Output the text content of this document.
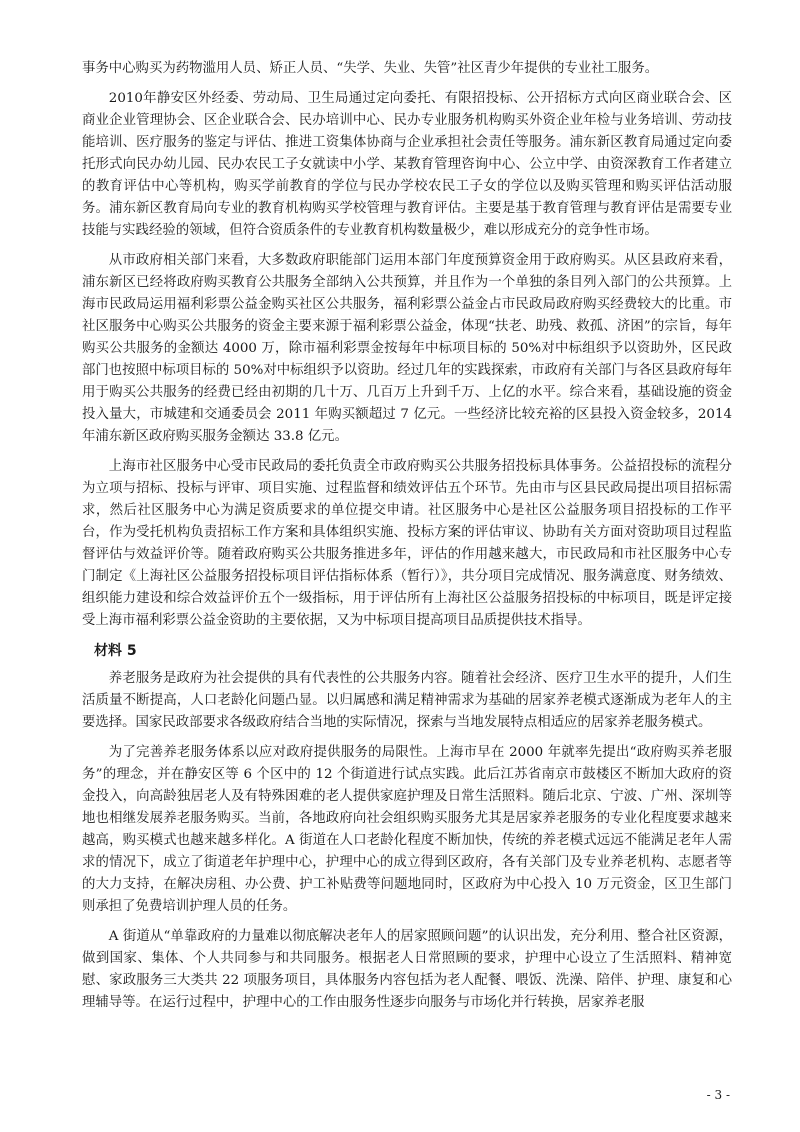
事务中心购买为药物滥用人员、矫正人员、“失学、失业、失管”社区青少年提供的专业社工服务。

2010年静安区外经委、劳动局、卫生局通过定向委托、有限招投标、公开招标方式向区商业联合会、区商业企业管理协会、区企业联合会、民办培训中心、民办专业服务机构购买外资企业年检与业务培训、劳动技能培训、医疗服务的鉴定与评估、推进工资集体协商与企业承担社会责任等服务。浦东新区教育局通过定向委托形式向民办幼儿园、民办农民工子女就读中小学、某教育管理咨询中心、公立中学、由资深教育工作者建立的教育评估中心等机构，购买学前教育的学位与民办学校农民工子女的学位以及购买管理和购买评估活动服务。浦东新区教育局向专业的教育机构购买学校管理与教育评估。主要是基于教育管理与教育评估是需要专业技能与实践经验的领域，但符合资质条件的专业教育机构数量极少，难以形成充分的竞争性市场。

从市政府相关部门来看，大多数政府职能部门运用本部门年度预算资金用于政府购买。从区县政府来看，浦东新区已经将政府购买教育公共服务全部纳入公共预算，并且作为一个单独的条目列入部门的公共预算。上海市民政局运用福利彩票公益金购买社区公共服务，福利彩票公益金占市民政局政府购买经费较大的比重。市社区服务中心购买公共服务的资金主要来源于福利彩票公益金，体现“扶老、助残、救孤、济困”的宗旨，每年购买公共服务的金额达 4000 万，除市福利彩票金按每年中标项目标的 50%对中标组织予以资助外，区民政部门也按照中标项目标的 50%对中标组织予以资助。经过几年的实践探索，市政府有关部门与各区县政府每年用于购买公共服务的经费已经由初期的几十万、几百万上升到千万、上亿的水平。综合来看，基础设施的资金投入量大，市城建和交通委员会 2011 年购买额超过 7 亿元。一些经济比较充裕的区县投入资金较多，2014 年浦东新区政府购买服务金额达 33.8 亿元。

上海市社区服务中心受市民政局的委托负责全市政府购买公共服务招投标具体事务。公益招投标的流程分为立项与招标、投标与评审、项目实施、过程监督和绩效评估五个环节。先由市与区县民政局提出项目招标需求，然后社区服务中心为满足资质要求的单位提交申请。社区服务中心是社区公益服务项目招投标的工作平台，作为受托机构负责招标工作方案和具体组织实施、投标方案的评估审议、协助有关方面对资助项目过程监督评估与效益评价等。随着政府购买公共服务推进多年，评估的作用越来越大，市民政局和市社区服务中心专门制定《上海社区公益服务招投标项目评估指标体系（暂行）》，共分项目完成情况、服务满意度、财务绩效、组织能力建设和综合效益评价五个一级指标，用于评估所有上海社区公益服务招投标的中标项目，既是评定接受上海市福利彩票公益金资助的主要依据，又为中标项目提高项目品质提供技术指导。

材料 5

养老服务是政府为社会提供的具有代表性的公共服务内容。随着社会经济、医疗卫生水平的提升，人们生活质量不断提高，人口老龄化问题凸显。以归属感和满足精神需求为基础的居家养老模式逐渐成为老年人的主要选择。国家民政部要求各级政府结合当地的实际情况，探索与当地发展特点相适应的居家养老服务模式。

为了完善养老服务体系以应对政府提供服务的局限性。上海市早在 2000 年就率先提出“政府购买养老服务”的理念，并在静安区等 6 个区中的 12 个街道进行试点实践。此后江苏省南京市鼓楼区不断加大政府的资金投入，向高龄独居老人及有特殊困难的老人提供家庭护理及日常生活照料。随后北京、宁波、广州、深圳等地也相继发展养老服务购买。当前，各地政府向社会组织购买服务尤其是居家养老服务的专业化程度要求越来越高，购买模式也越来越多样化。A 街道在人口老龄化程度不断加快，传统的养老模式远远不能满足老年人需求的情况下，成立了街道老年护理中心，护理中心的成立得到区政府，各有关部门及专业养老机构、志愿者等的大力支持，在解决房租、办公费、护工补贴费等问题地同时，区政府为中心投入 10 万元资金，区卫生部门则承担了免费培训护理人员的任务。

A 街道从“单靠政府的力量难以彻底解决老年人的居家照顾问题”的认识出发，充分利用、整合社区资源，做到国家、集体、个人共同参与和共同服务。根据老人日常照顾的要求，护理中心设立了生活照料、精神宽慰、家政服务三大类共 22 项服务项目，具体服务内容包括为老人配餐、喂饭、洗澡、陪伴、护理、康复和心理辅导等。在运行过程中，护理中心的工作由服务性逐步向服务与市场化并行转换，居家养老服

- 3 -
